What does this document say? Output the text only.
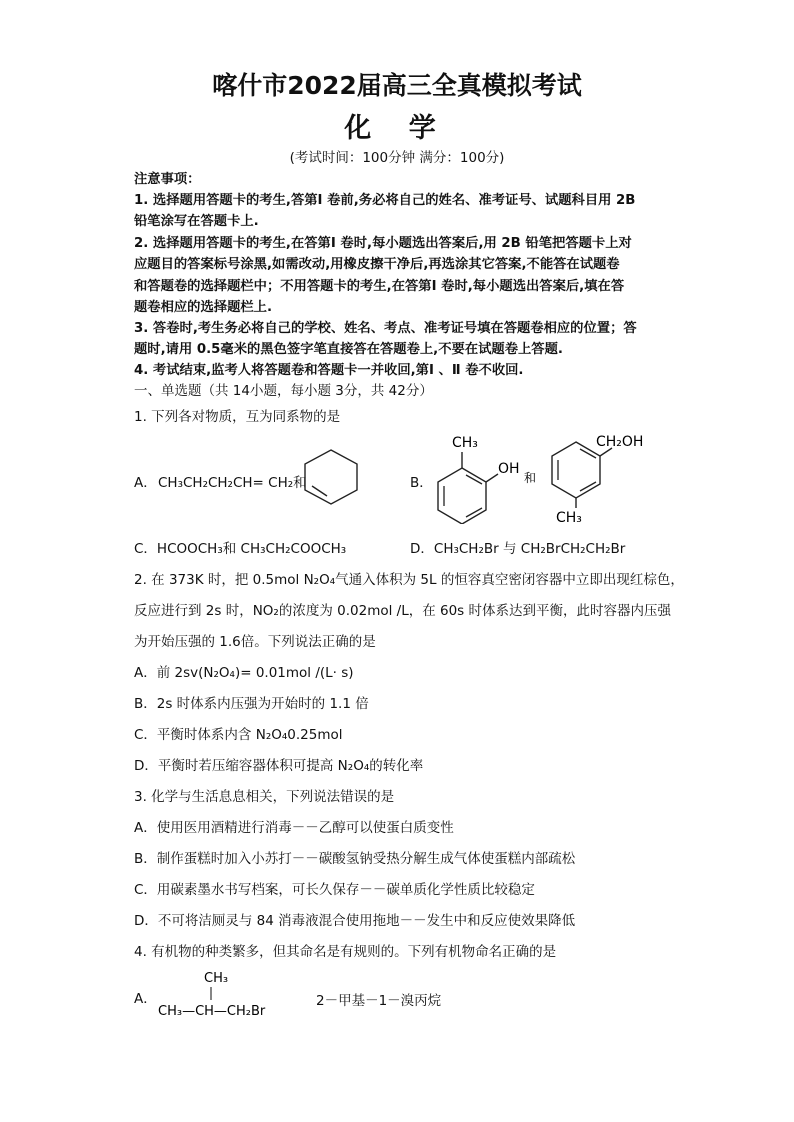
喀什市2022届高三全真模拟考试
化 学
(考试时间：100分钟 满分：100分)
注意事项：
1. 选择题用答题卡的考生,答第Ⅰ 卷前,务必将自己的姓名、准考证号、试题科目用 2B
铅笔涂写在答题卡上.
2. 选择题用答题卡的考生,在答第Ⅰ 卷时,每小题选出答案后,用 2B 铅笔把答题卡上对
应题目的答案标号涂黑,如需改动,用橡皮擦干净后,再选涂其它答案,不能答在试题卷
和答题卷的选择题栏中；不用答题卡的考生,在答第Ⅰ 卷时,每小题选出答案后,填在答
题卷相应的选择题栏上.
3. 答卷时,考生务必将自己的学校、姓名、考点、准考证号填在答题卷相应的位置；答
题时,请用 0.5毫米的黑色签字笔直接答在答题卷上,不要在试题卷上答题.
4. 考试结束,监考人将答题卷和答题卡一并收回,第Ⅰ 、Ⅱ 卷不收回.
一、单选题（共 14小题，每小题 3分，共 42分）
1. 下列各对物质，互为同系物的是
A． CH₃CH₂CH₂CH= CH₂和	B．
CH₃
OH
和
CH₂OH
CH₃
C．HCOOCH₃和 CH₃CH₂COOCH₃	D．CH₃CH₂Br 与 CH₂BrCH₂CH₂Br
2. 在 373K 时，把 0.5mol N₂O₄气通入体积为 5L 的恒容真空密闭容器中立即出现红棕色，
反应进行到 2s 时，NO₂的浓度为 0.02mol /L，在 60s 时体系达到平衡，此时容器内压强
为开始压强的 1.6倍。下列说法正确的是
A．前 2sv(N₂O₄)= 0.01mol /(L· s)
B．2s 时体系内压强为开始时的 1.1 倍
C．平衡时体系内含 N₂O₄0.25mol
D．平衡时若压缩容器体积可提高 N₂O₄的转化率
3. 化学与生活息息相关，下列说法错误的是
A．使用医用酒精进行消毒－－乙醇可以使蛋白质变性
B．制作蛋糕时加入小苏打－－碳酸氢钠受热分解生成气体使蛋糕内部疏松
C．用碳素墨水书写档案，可长久保存－－碳单质化学性质比较稳定
D．不可将洁厕灵与 84 消毒液混合使用拖地－－发生中和反应使效果降低
4. 有机物的种类繁多，但其命名是有规则的。下列有机物命名正确的是
A．
CH₃
CH₃—CH—CH₂Br
2－甲基－1－溴丙烷
